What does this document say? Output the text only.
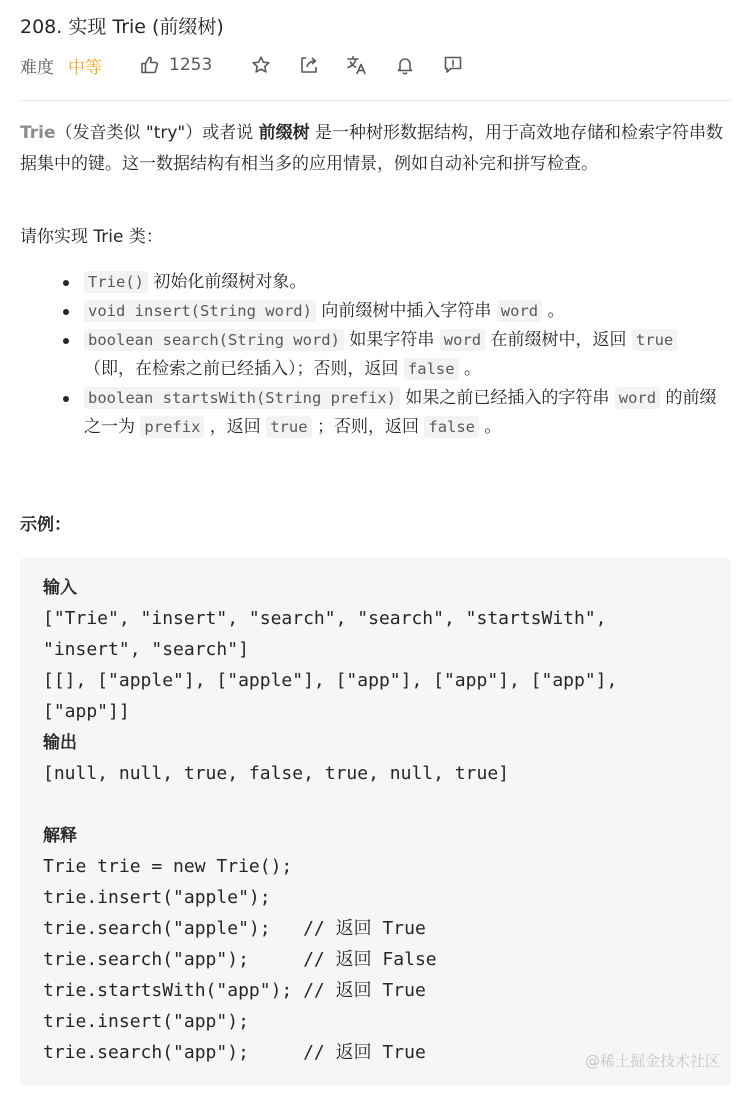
208. 实现 Trie (前缀树)
难度 中等	1253
Trie（发音类似 "try"）或者说 前缀树 是一种树形数据结构，用于高效地存储和检索字符串数据集中的键。这一数据结构有相当多的应用情景，例如自动补完和拼写检查。
请你实现 Trie 类：
Trie() 初始化前缀树对象。
void insert(String word) 向前缀树中插入字符串 word 。
boolean search(String word) 如果字符串 word 在前缀树中，返回 true（即，在检索之前已经插入）；否则，返回 false 。
boolean startsWith(String prefix) 如果之前已经插入的字符串 word 的前缀之一为 prefix ，返回 true ；否则，返回 false 。
示例：
输入
["Trie", "insert", "search", "search", "startsWith",
"insert", "search"]
[[], ["apple"], ["apple"], ["app"], ["app"], ["app"],
["app"]]
输出
[null, null, true, false, true, null, true]

解释
Trie trie = new Trie();
trie.insert("apple");
trie.search("apple");   // 返回 True
trie.search("app");     // 返回 False
trie.startsWith("app"); // 返回 True
trie.insert("app");
trie.search("app");     // 返回 True	@稀土掘金技术社区
